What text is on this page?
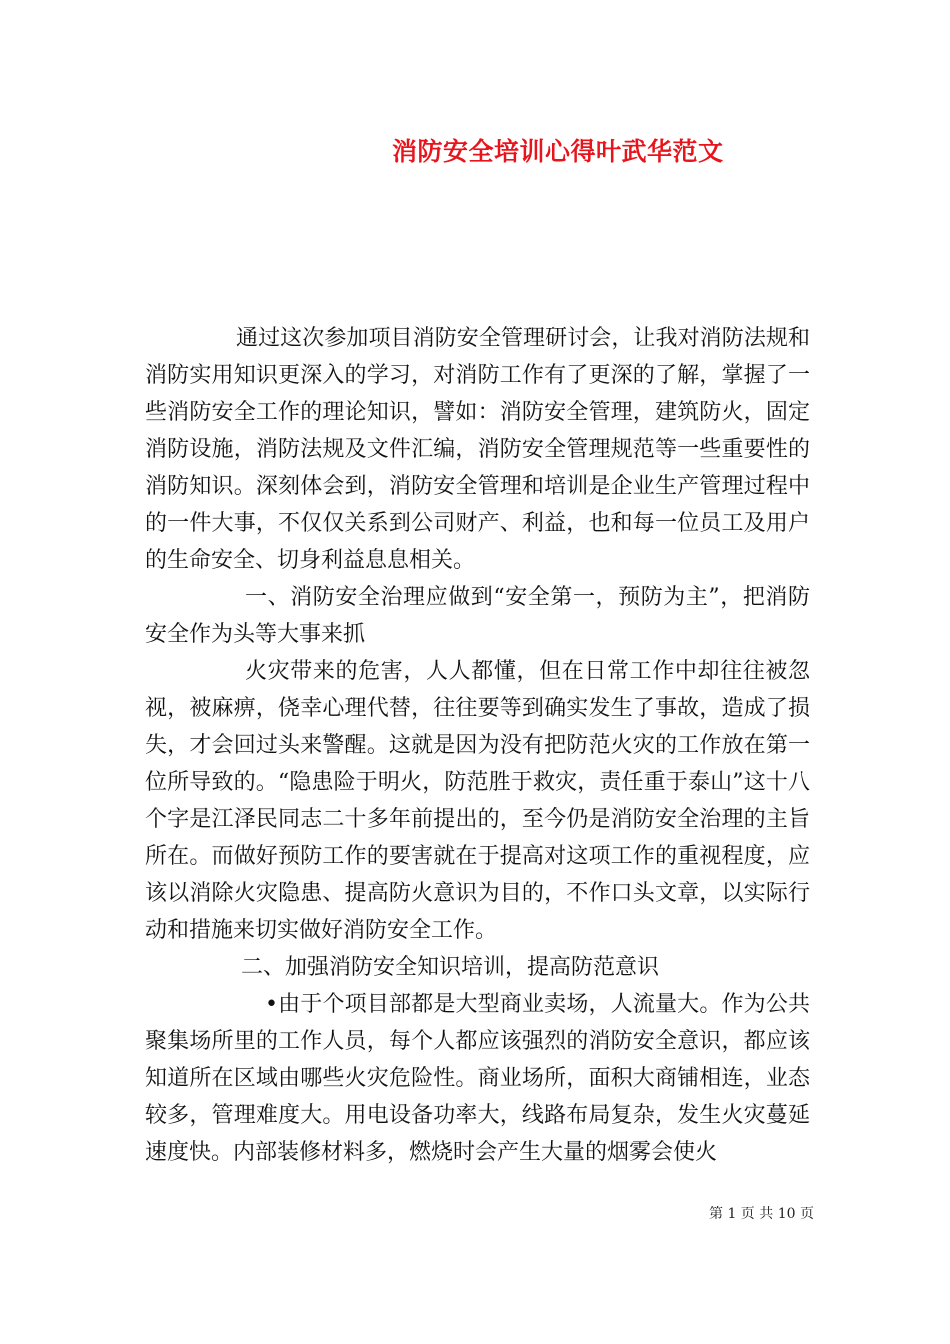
消防安全培训心得叶武华范文

通过这次参加项目消防安全管理研讨会，让我对消防法规和消防实用知识更深入的学习，对消防工作有了更深的了解，掌握了一些消防安全工作的理论知识，譬如：消防安全管理，建筑防火，固定消防设施，消防法规及文件汇编，消防安全管理规范等一些重要性的消防知识。深刻体会到，消防安全管理和培训是企业生产管理过程中的一件大事，不仅仅关系到公司财产、利益，也和每一位员工及用户的生命安全、切身利益息息相关。

一、消防安全治理应做到“安全第一，预防为主”，把消防安全作为头等大事来抓

火灾带来的危害，人人都懂，但在日常工作中却往往被忽视，被麻痹，侥幸心理代替，往往要等到确实发生了事故，造成了损失，才会回过头来警醒。这就是因为没有把防范火灾的工作放在第一位所导致的。“隐患险于明火，防范胜于救灾，责任重于泰山”这十八个字是江泽民同志二十多年前提出的，至今仍是消防安全治理的主旨所在。而做好预防工作的要害就在于提高对这项工作的重视程度，应该以消除火灾隐患、提高防火意识为目的，不作口头文章，以实际行动和措施来切实做好消防安全工作。

二、加强消防安全知识培训，提高防范意识

•由于个项目部都是大型商业卖场，人流量大。作为公共聚集场所里的工作人员，每个人都应该强烈的消防安全意识，都应该知道所在区域由哪些火灾危险性。商业场所，面积大商铺相连，业态较多，管理难度大。用电设备功率大，线路布局复杂，发生火灾蔓延速度快。内部装修材料多，燃烧时会产生大量的烟雾会使火

第 1 页 共 10 页
